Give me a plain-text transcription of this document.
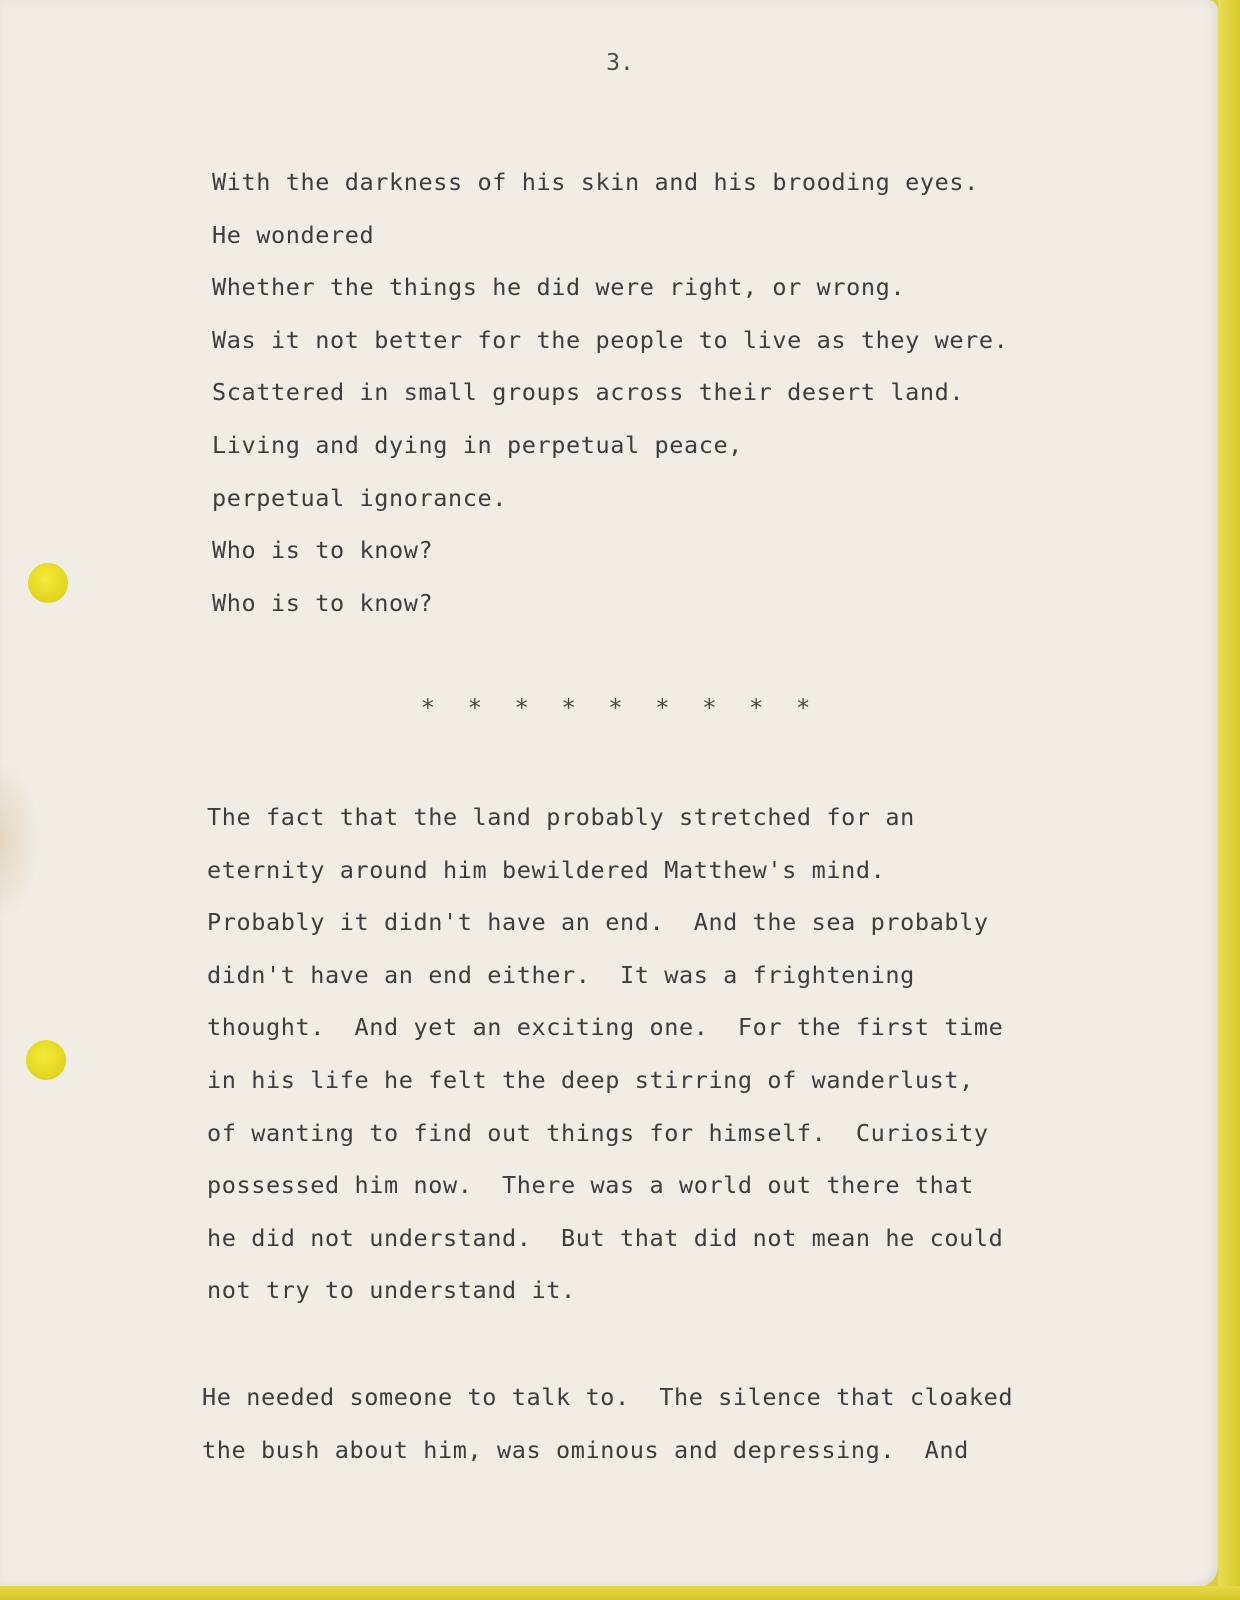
3.
With the darkness of his skin and his brooding eyes.
He wondered
Whether the things he did were right, or wrong.
Was it not better for the people to live as they were.
Scattered in small groups across their desert land.
Living and dying in perpetual peace,
perpetual ignorance.
Who is to know?
Who is to know?
* * * * * * * * *
The fact that the land probably stretched for an
eternity around him bewildered Matthew's mind.
Probably it didn't have an end.  And the sea probably
didn't have an end either.  It was a frightening
thought.  And yet an exciting one.  For the first time
in his life he felt the deep stirring of wanderlust,
of wanting to find out things for himself.  Curiosity
possessed him now.  There was a world out there that
he did not understand.  But that did not mean he could
not try to understand it.
He needed someone to talk to.  The silence that cloaked
the bush about him, was ominous and depressing.  And
